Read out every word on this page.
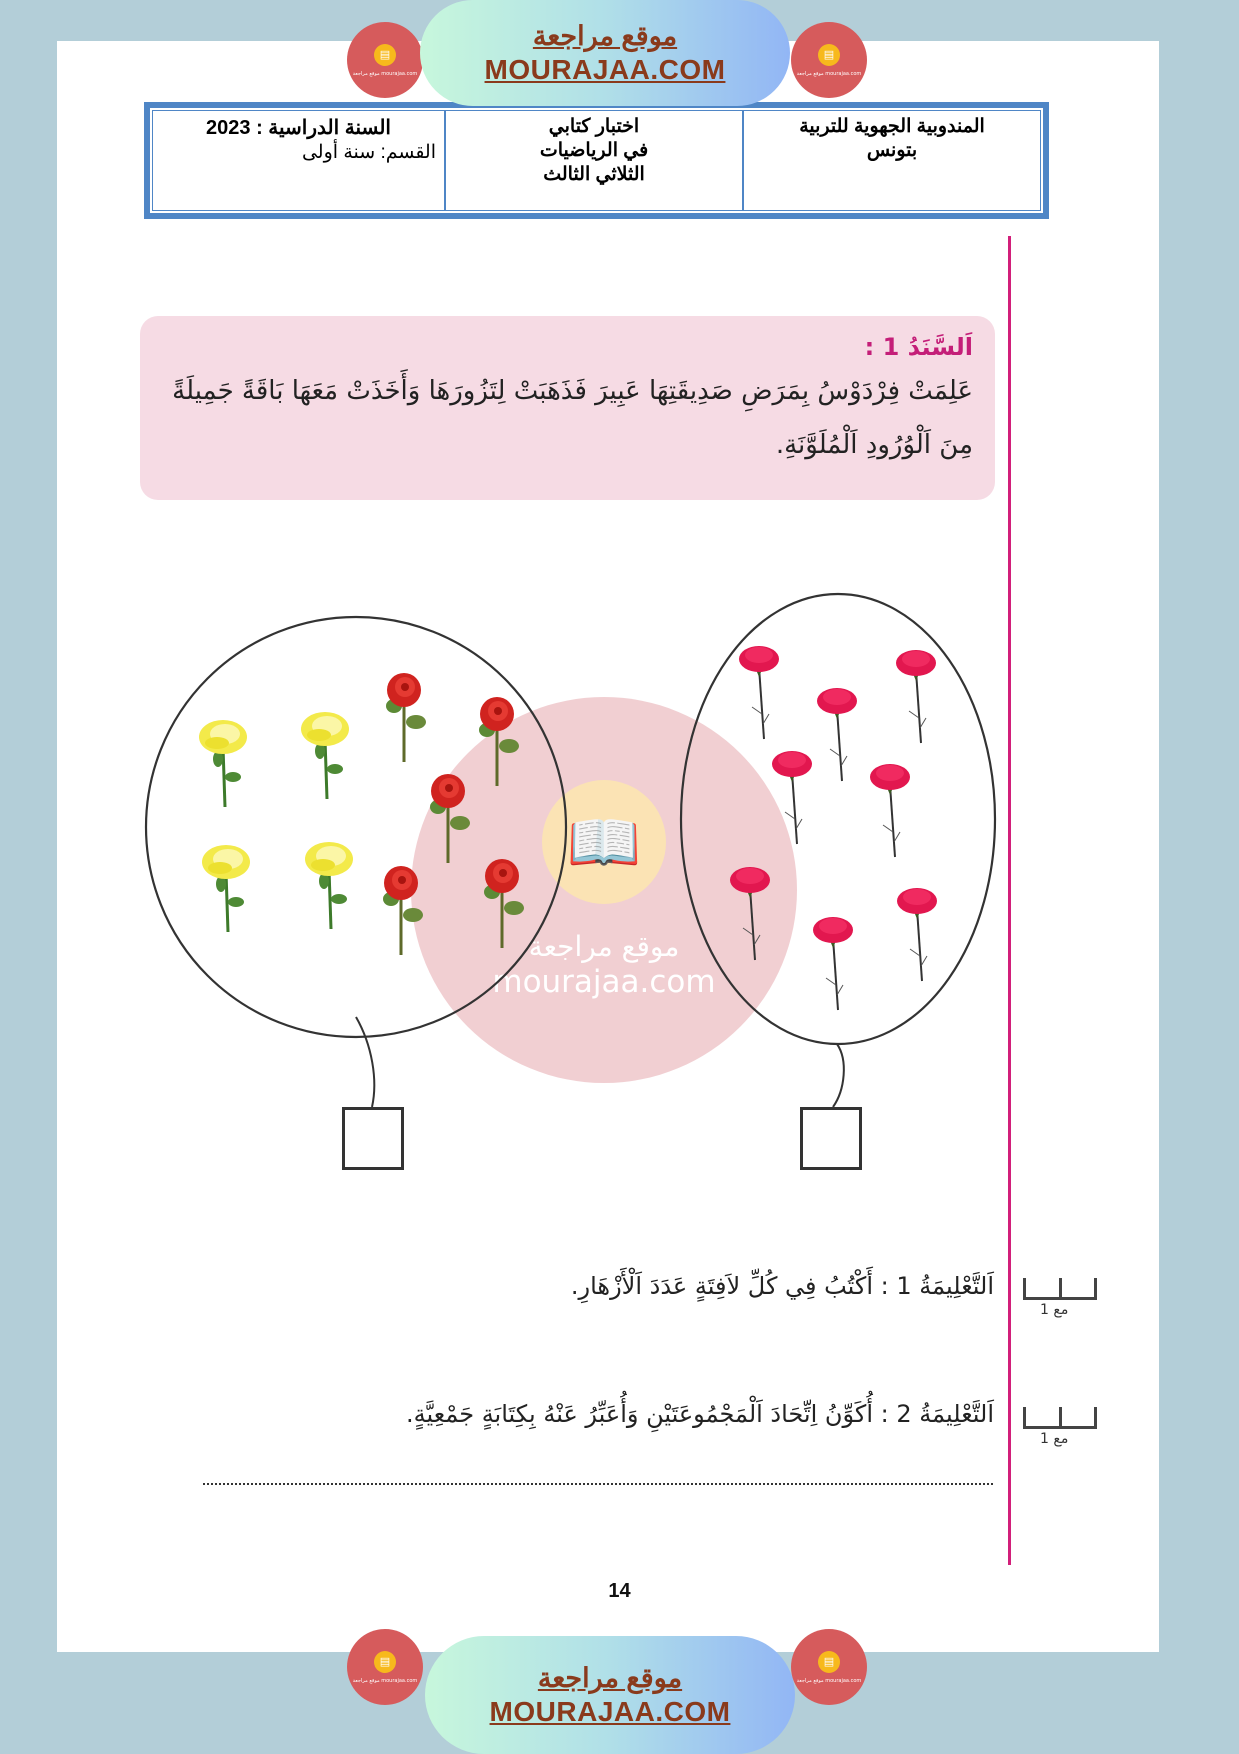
▤
موقع مراجعة mourajaa.com
موقع مراجعة
MOURAJAA.COM	▤
موقع مراجعة mourajaa.com
المندوبية الجهوية للتربية
بتونس
اختبار كتابي
في الرياضيات
الثلاثي الثالث
السنة الدراسية : 2023
القسم: سنة أولى
اَلسَّنَدُ 1 :
عَلِمَتْ فِرْدَوْسُ بِمَرَضِ صَدِيقَتِهَا عَبِيرَ فَذَهَبَتْ لِتَزُورَهَا وَأَخَذَتْ مَعَهَا بَاقَةً جَمِيلَةً مِنَ اَلْوُرُودِ اَلْمُلَوَّنَةِ.
📖
موقع مراجعة
mourajaa.com
اَلتَّعْلِيمَةُ 1 : أَكْتُبُ فِي كُلِّ لاَفِتَةٍ عَدَدَ اَلْأَزْهَارِ.
مع 1
اَلتَّعْلِيمَةُ 2 : أُكَوِّنُ اِتِّحَادَ اَلْمَجْمُوعَتَيْنِ وَأُعَبِّرُ عَنْهُ بِكِتَابَةٍ جَمْعِيَّةٍ.
مع 1
14
▤
موقع مراجعة mourajaa.com	موقع مراجعة
MOURAJAA.COM
▤
موقع مراجعة mourajaa.com
